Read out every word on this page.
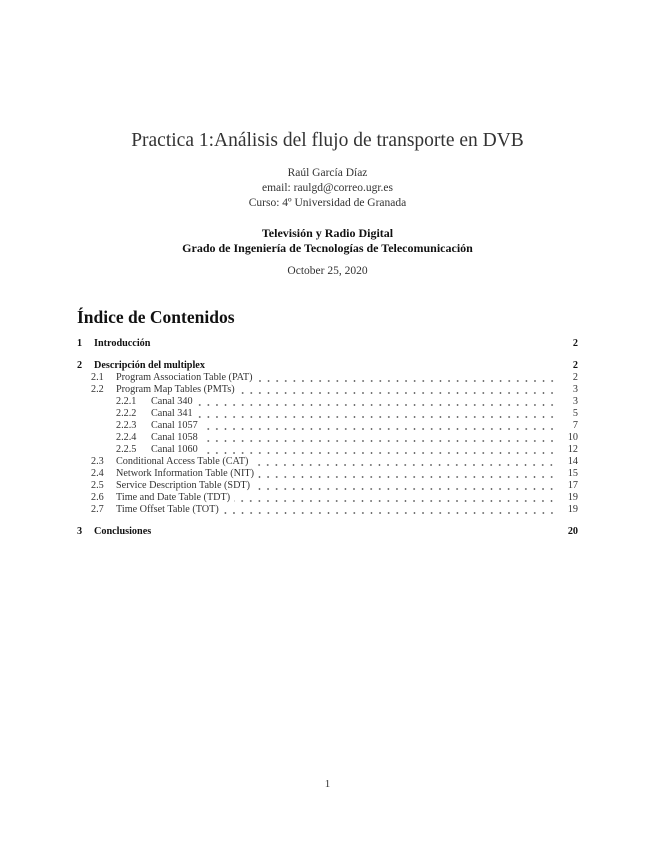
Practica 1:Análisis del flujo de transporte en DVB
Raúl García Díaz
email: raulgd@correo.ugr.es
Curso: 4º Universidad de Granada
Televisión y Radio Digital
Grado de Ingeniería de Tecnologías de Telecomunicación
October 25, 2020
Índice de Contenidos
1	Introducción	2
2	Descripción del multiplex	2
2.1	Program Association Table (PAT)	2
2.2	Program Map Tables (PMTs)	3
2.2.1	Canal 340	3
2.2.2	Canal 341	5
2.2.3	Canal 1057	7
2.2.4	Canal 1058	10
2.2.5	Canal 1060	12
2.3	Conditional Access Table (CAT)	14
2.4	Network Information Table (NIT)	15
2.5	Service Description Table (SDT)	17
2.6	Time and Date Table (TDT)	19
2.7	Time Offset Table (TOT)	19
3	Conclusiones	20
1
